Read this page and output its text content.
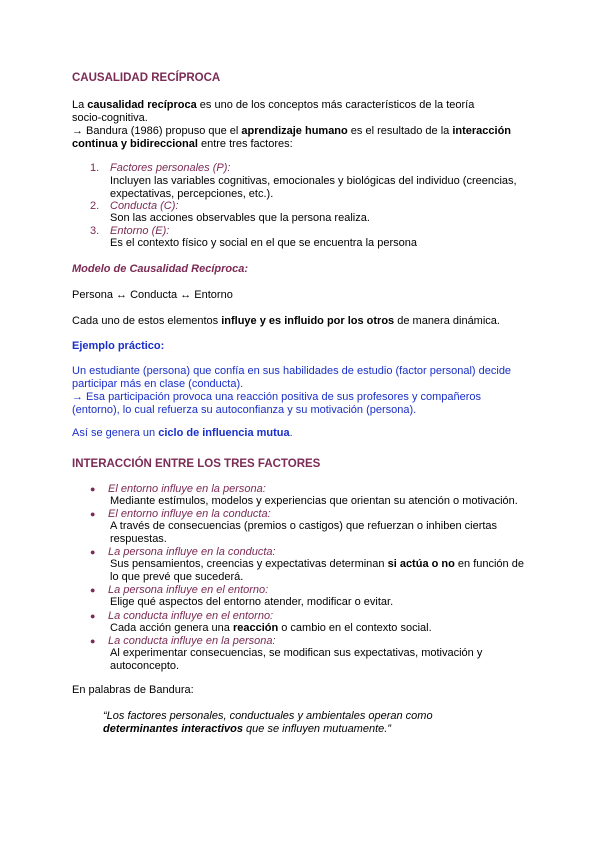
CAUSALIDAD RECÍPROCA
La causalidad recíproca es uno de los conceptos más característicos de la teoría
socio-cognitiva.
→ Bandura (1986) propuso que el aprendizaje humano es el resultado de la interacción
continua y bidireccional entre tres factores:
1. Factores personales (P):
Incluyen las variables cognitivas, emocionales y biológicas del individuo (creencias,
expectativas, percepciones, etc.).
2. Conducta (C):
Son las acciones observables que la persona realiza.
3. Entorno (E):
Es el contexto físico y social en el que se encuentra la persona
Modelo de Causalidad Recíproca:
Persona ↔ Conducta ↔ Entorno
Cada uno de estos elementos influye y es influido por los otros de manera dinámica.
Ejemplo práctico:
Un estudiante (persona) que confía en sus habilidades de estudio (factor personal) decide
participar más en clase (conducta).
→ Esa participación provoca una reacción positiva de sus profesores y compañeros
(entorno), lo cual refuerza su autoconfianza y su motivación (persona).
Así se genera un ciclo de influencia mutua.
INTERACCIÓN ENTRE LOS TRES FACTORES
● El entorno influye en la persona:
Mediante estímulos, modelos y experiencias que orientan su atención o motivación.
● El entorno influye en la conducta:
A través de consecuencias (premios o castigos) que refuerzan o inhiben ciertas
respuestas.
● La persona influye en la conducta:
Sus pensamientos, creencias y expectativas determinan si actúa o no en función de
lo que prevé que sucederá.
● La persona influye en el entorno:
Elige qué aspectos del entorno atender, modificar o evitar.
● La conducta influye en el entorno:
Cada acción genera una reacción o cambio en el contexto social.
● La conducta influye en la persona:
Al experimentar consecuencias, se modifican sus expectativas, motivación y
autoconcepto.
En palabras de Bandura:
“Los factores personales, conductuales y ambientales operan como
determinantes interactivos que se influyen mutuamente.”
